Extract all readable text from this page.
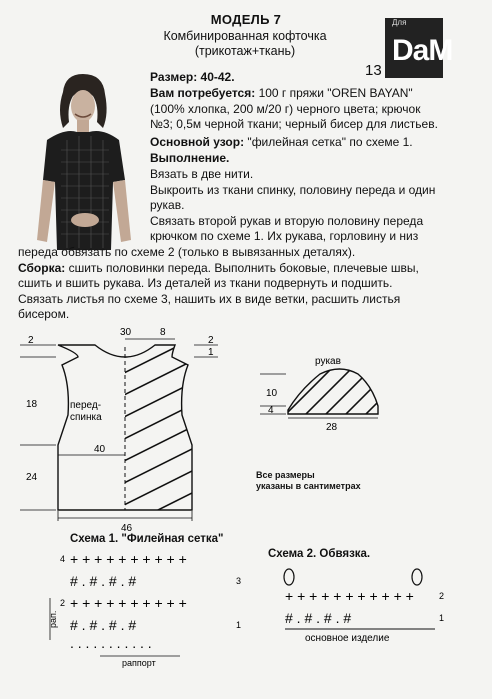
МОДЕЛЬ 7
Комбинированная кофточка
(трикотаж+ткань)
13
Для
DaM
Размер: 40-42.
Вам потребуется: 100 г пряжи "OREN BAYAN"
(100% хлопка, 200 м/20 г) черного цвета; крючок
№3; 0,5м черной ткани; черный бисер для листьев.
Основной узор: "филейная сетка" по схеме 1.
Выполнение.
Вязать в две нити.
Выкроить из ткани спинку, половину переда и один
рукав.
Связать второй рукав и вторую половину переда
крючком по схеме 1. Их рукава, горловину и низ
переда обвязать по схеме 2 (только в вывязанных деталях).
Сборка: сшить половинки переда. Выполнить боковые, плечевые швы,
сшить и вшить рукава. Из деталей из ткани подвернуть и подшить.
Связать листья по схеме 3, нашить их в виде ветки, расшить листья
бисером.
2
18
24
30	8
2
1
40
46
перед-
спинка
рукав
10
4
28
Все размеры
указаны в сантиметрах
Схема 1. "Филейная сетка"
4
2
3
1
+ + + + + + + + + +
# . # . # . #
+ + + + + + + + + +
# . # . # . #
. . . . . . . . . . .
рап.
раппорт
Схема 2. Обвязка.
+ + + + + + + + + + +
# . # . # . #
2
1
основное изделие
